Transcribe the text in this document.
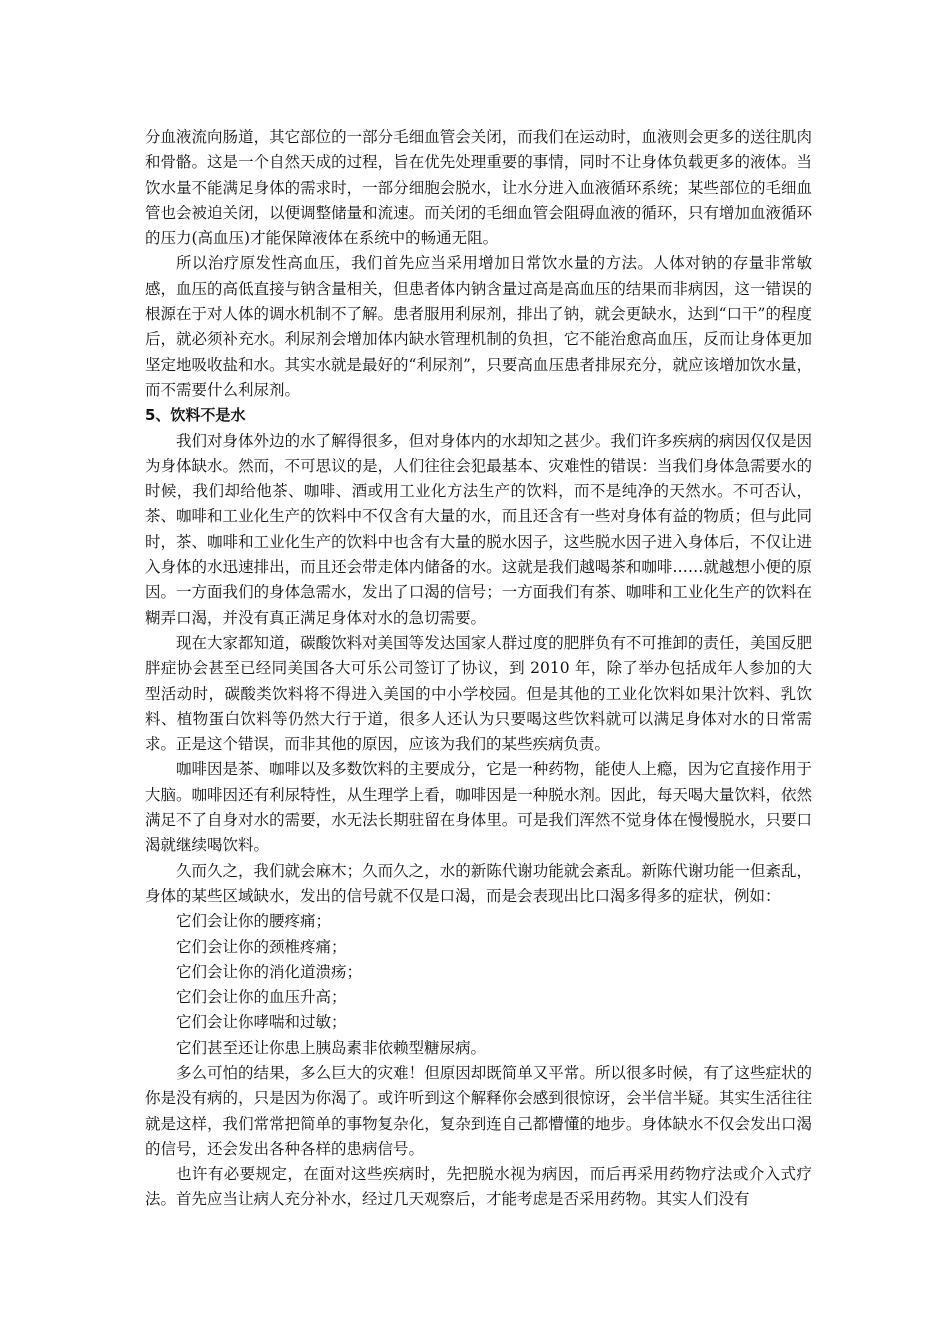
分血液流向肠道，其它部位的一部分毛细血管会关闭，而我们在运动时，血液则会更多的送往肌肉和骨骼。这是一个自然天成的过程，旨在优先处理重要的事情，同时不让身体负载更多的液体。当饮水量不能满足身体的需求时，一部分细胞会脱水，让水分进入血液循环系统；某些部位的毛细血管也会被迫关闭，以便调整储量和流速。而关闭的毛细血管会阻碍血液的循环，只有增加血液循环的压力(高血压)才能保障液体在系统中的畅通无阻。

所以治疗原发性高血压，我们首先应当采用增加日常饮水量的方法。人体对钠的存量非常敏感，血压的高低直接与钠含量相关，但患者体内钠含量过高是高血压的结果而非病因，这一错误的根源在于对人体的调水机制不了解。患者服用利尿剂，排出了钠，就会更缺水，达到“口干”的程度后，就必须补充水。利尿剂会增加体内缺水管理机制的负担，它不能治愈高血压，反而让身体更加坚定地吸收盐和水。其实水就是最好的“利尿剂”，只要高血压患者排尿充分，就应该增加饮水量，而不需要什么利尿剂。

5、饮料不是水

我们对身体外边的水了解得很多，但对身体内的水却知之甚少。我们许多疾病的病因仅仅是因为身体缺水。然而，不可思议的是，人们往往会犯最基本、灾难性的错误：当我们身体急需要水的时候，我们却给他茶、咖啡、酒或用工业化方法生产的饮料，而不是纯净的天然水。不可否认，茶、咖啡和工业化生产的饮料中不仅含有大量的水，而且还含有一些对身体有益的物质；但与此同时，茶、咖啡和工业化生产的饮料中也含有大量的脱水因子，这些脱水因子进入身体后，不仅让进入身体的水迅速排出，而且还会带走体内储备的水。这就是我们越喝茶和咖啡……就越想小便的原因。一方面我们的身体急需水，发出了口渴的信号；一方面我们有茶、咖啡和工业化生产的饮料在糊弄口渴，并没有真正满足身体对水的急切需要。

现在大家都知道，碳酸饮料对美国等发达国家人群过度的肥胖负有不可推卸的责任，美国反肥胖症协会甚至已经同美国各大可乐公司签订了协议，到 2010 年，除了举办包括成年人参加的大型活动时，碳酸类饮料将不得进入美国的中小学校园。但是其他的工业化饮料如果汁饮料、乳饮料、植物蛋白饮料等仍然大行于道，很多人还认为只要喝这些饮料就可以满足身体对水的日常需求。正是这个错误，而非其他的原因，应该为我们的某些疾病负责。

咖啡因是茶、咖啡以及多数饮料的主要成分，它是一种药物，能使人上瘾，因为它直接作用于大脑。咖啡因还有利尿特性，从生理学上看，咖啡因是一种脱水剂。因此，每天喝大量饮料，依然满足不了自身对水的需要，水无法长期驻留在身体里。可是我们浑然不觉身体在慢慢脱水，只要口渴就继续喝饮料。

久而久之，我们就会麻木；久而久之，水的新陈代谢功能就会紊乱。新陈代谢功能一但紊乱，身体的某些区域缺水，发出的信号就不仅是口渴，而是会表现出比口渴多得多的症状，例如：

它们会让你的腰疼痛；

它们会让你的颈椎疼痛；

它们会让你的消化道溃疡；

它们会让你的血压升高；

它们会让你哮喘和过敏；

它们甚至还让你患上胰岛素非依赖型糖尿病。

多么可怕的结果，多么巨大的灾难！但原因却既简单又平常。所以很多时候，有了这些症状的你是没有病的，只是因为你渴了。或许听到这个解释你会感到很惊讶，会半信半疑。其实生活往往就是这样，我们常常把简单的事物复杂化，复杂到连自己都懵懂的地步。身体缺水不仅会发出口渴的信号，还会发出各种各样的患病信号。

也许有必要规定，在面对这些疾病时，先把脱水视为病因，而后再采用药物疗法或介入式疗法。首先应当让病人充分补水，经过几天观察后，才能考虑是否采用药物。其实人们没有
